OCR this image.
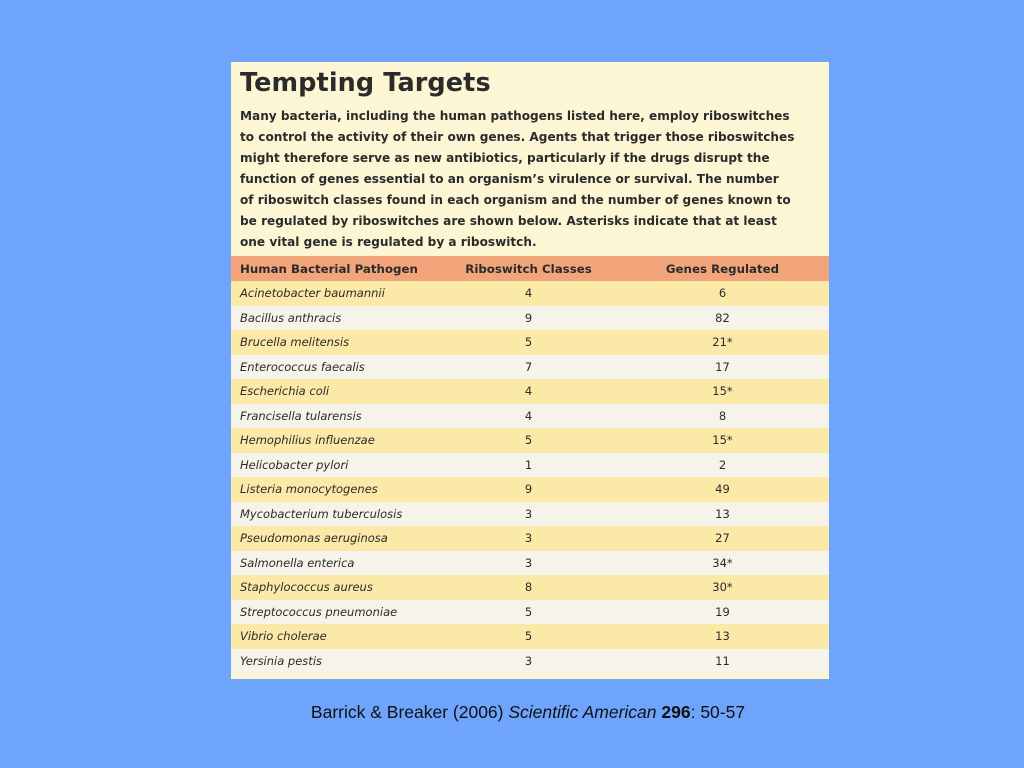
Tempting Targets

Many bacteria, including the human pathogens listed here, employ riboswitches
to control the activity of their own genes. Agents that trigger those riboswitches
might therefore serve as new antibiotics, particularly if the drugs disrupt the
function of genes essential to an organism’s virulence or survival. The number
of riboswitch classes found in each organism and the number of genes known to
be regulated by riboswitches are shown below. Asterisks indicate that at least
one vital gene is regulated by a riboswitch.

Human Bacterial Pathogen	Riboswitch Classes	Genes Regulated
Acinetobacter baumannii	4	6
Bacillus anthracis	9	82
Brucella melitensis	5	21*
Enterococcus faecalis	7	17
Escherichia coli	4	15*
Francisella tularensis	4	8
Hemophilius influenzae	5	15*
Helicobacter pylori	1	2
Listeria monocytogenes	9	49
Mycobacterium tuberculosis	3	13
Pseudomonas aeruginosa	3	27
Salmonella enterica	3	34*
Staphylococcus aureus	8	30*
Streptococcus pneumoniae	5	19
Vibrio cholerae	5	13
Yersinia pestis	3	11
Barrick & Breaker (2006) Scientific American 296: 50-57
